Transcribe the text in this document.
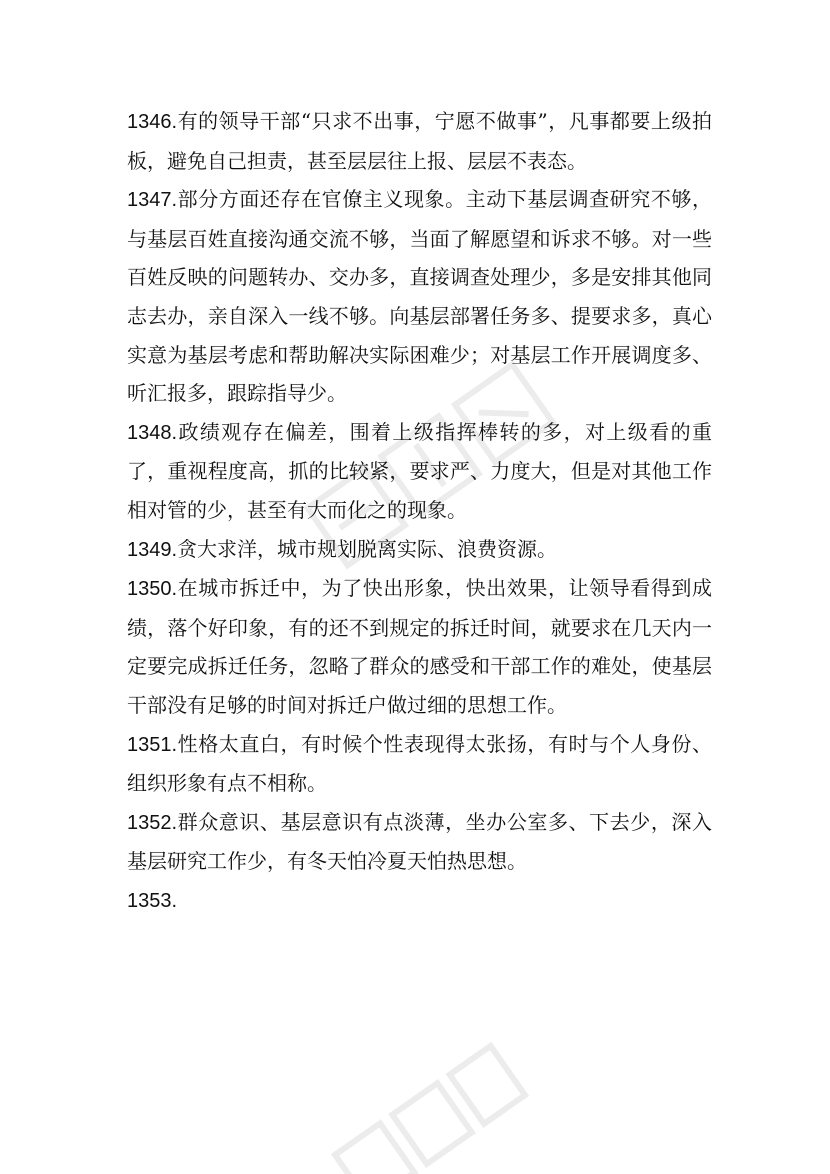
1346.有的领导干部“只求不出事，宁愿不做事”，凡事都要上级拍板，避免自己担责，甚至层层往上报、层层不表态。

1347.部分方面还存在官僚主义现象。主动下基层调查研究不够，与基层百姓直接沟通交流不够，当面了解愿望和诉求不够。对一些百姓反映的问题转办、交办多，直接调查处理少，多是安排其他同志去办，亲自深入一线不够。向基层部署任务多、提要求多，真心实意为基层考虑和帮助解决实际困难少；对基层工作开展调度多、听汇报多，跟踪指导少。

1348.政绩观存在偏差，围着上级指挥棒转的多，对上级看的重了，重视程度高，抓的比较紧，要求严、力度大，但是对其他工作相对管的少，甚至有大而化之的现象。

1349.贪大求洋，城市规划脱离实际、浪费资源。

1350.在城市拆迁中，为了快出形象，快出效果，让领导看得到成绩，落个好印象，有的还不到规定的拆迁时间，就要求在几天内一定要完成拆迁任务，忽略了群众的感受和干部工作的难处，使基层干部没有足够的时间对拆迁户做过细的思想工作。

1351.性格太直白，有时候个性表现得太张扬，有时与个人身份、组织形象有点不相称。

1352.群众意识、基层意识有点淡薄，坐办公室多、下去少，深入基层研究工作少，有冬天怕冷夏天怕热思想。

1353.
